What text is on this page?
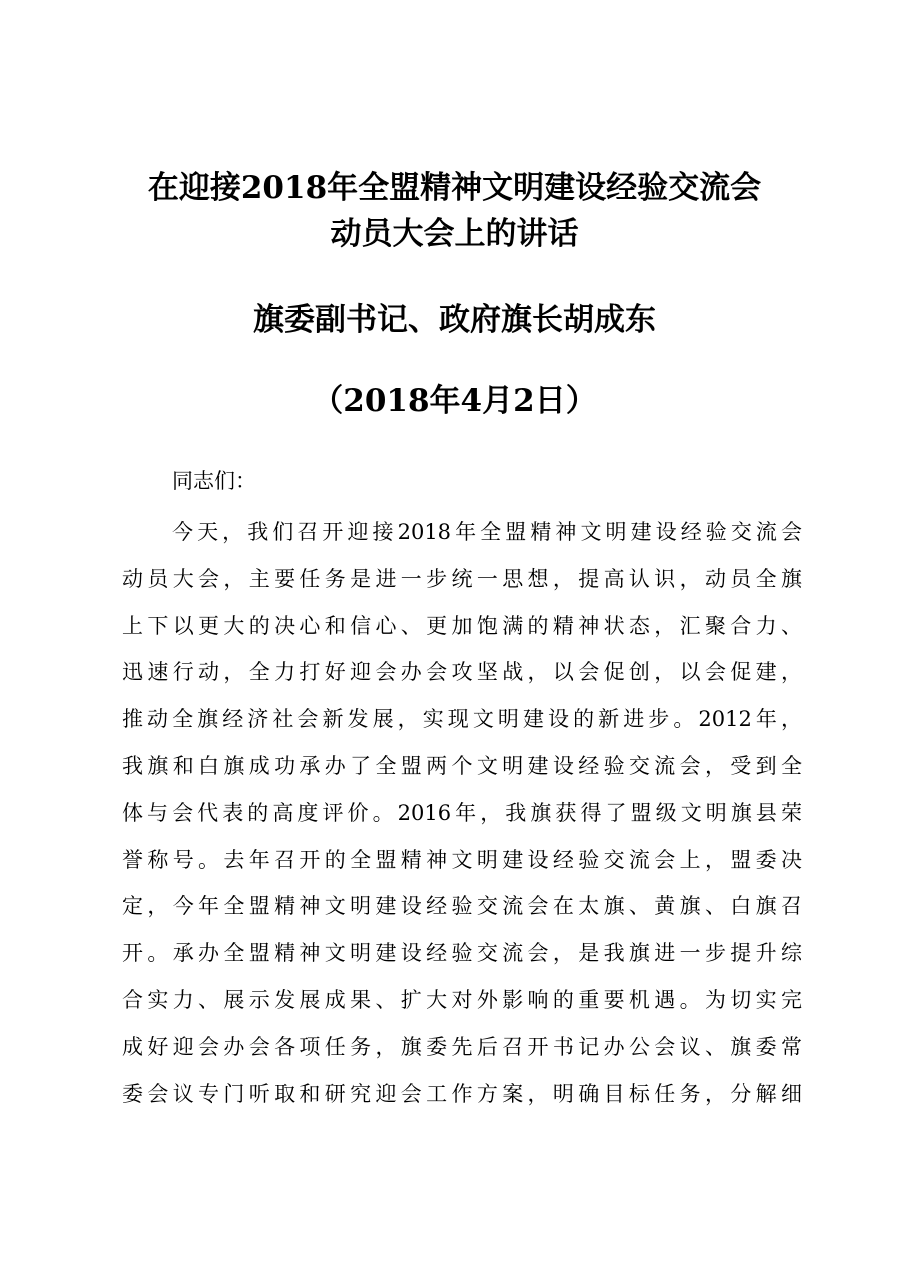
在迎接2018年全盟精神文明建设经验交流会
动员大会上的讲话
旗委副书记、政府旗长胡成东
（2018年4月2日）

同志们：

今天，我们召开迎接2018年全盟精神文明建设经验交流会
动员大会，主要任务是进一步统一思想，提高认识，动员全旗
上下以更大的决心和信心、更加饱满的精神状态，汇聚合力、
迅速行动，全力打好迎会办会攻坚战，以会促创，以会促建，
推动全旗经济社会新发展，实现文明建设的新进步。2012年，
我旗和白旗成功承办了全盟两个文明建设经验交流会，受到全
体与会代表的高度评价。2016年，我旗获得了盟级文明旗县荣
誉称号。去年召开的全盟精神文明建设经验交流会上，盟委决
定，今年全盟精神文明建设经验交流会在太旗、黄旗、白旗召
开。承办全盟精神文明建设经验交流会，是我旗进一步提升综
合实力、展示发展成果、扩大对外影响的重要机遇。为切实完
成好迎会办会各项任务，旗委先后召开书记办公会议、旗委常
委会议专门听取和研究迎会工作方案，明确目标任务，分解细
